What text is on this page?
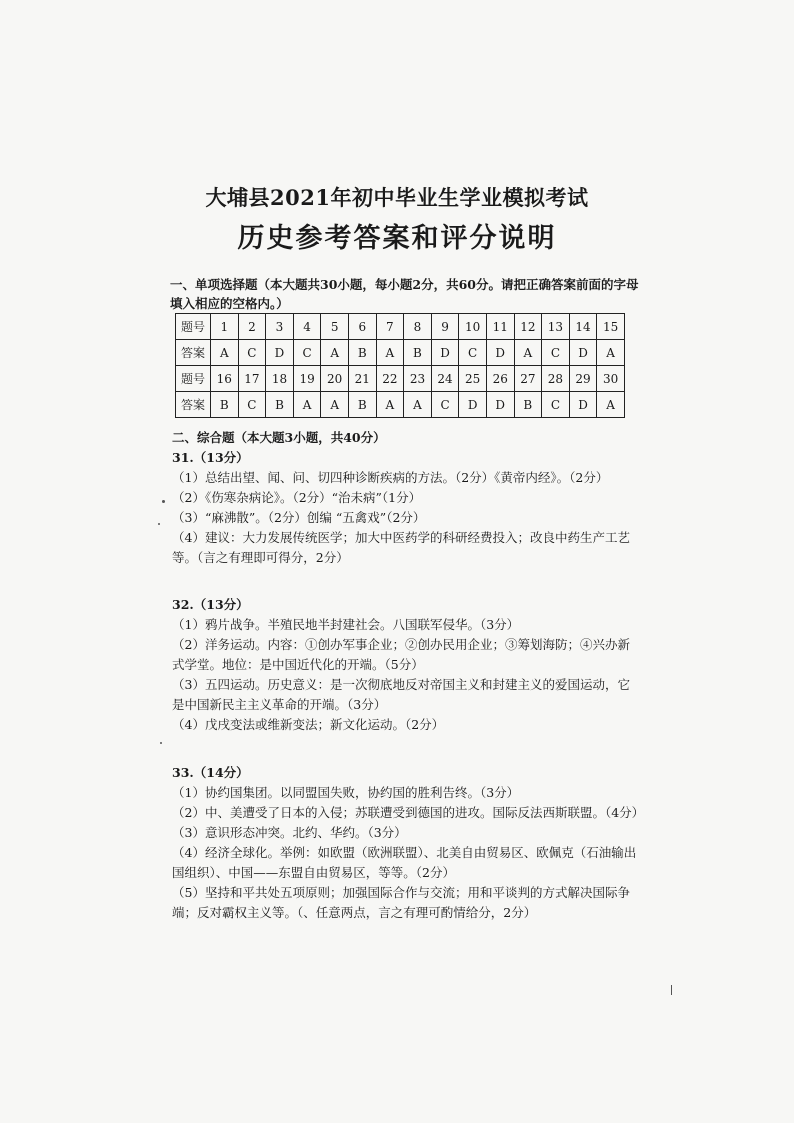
大埔县2021年初中毕业生学业模拟考试
历史参考答案和评分说明
一、单项选择题（本大题共30小题，每小题2分，共60分。请把正确答案前面的字母填入相应的空格内。）
题号	1	2	3	4	5	6	7	8	9	10	11	12	13	14	15
答案	A	C	D	C	A	B	A	B	D	C	D	A	C	D	A
题号	16	17	18	19	20	21	22	23	24	25	26	27	28	29	30
答案	B	C	B	A	A	B	A	A	C	D	D	B	C	D	A
二、综合题（本大题3小题，共40分）
31.（13分）
（1）总结出望、闻、问、切四种诊断疾病的方法。（2分）《黄帝内经》。（2分）
（2）《伤寒杂病论》。（2分）“治未病”（1分）
（3）“麻沸散”。（2分）创编 “五禽戏”（2分）
（4）建议：大力发展传统医学；加大中医药学的科研经费投入；改良中药生产工艺等。（言之有理即可得分，2分）
32.（13分）
（1）鸦片战争。半殖民地半封建社会。八国联军侵华。（3分）
（2）洋务运动。内容：①创办军事企业；②创办民用企业；③筹划海防；④兴办新式学堂。地位：是中国近代化的开端。（5分）
（3）五四运动。历史意义：是一次彻底地反对帝国主义和封建主义的爱国运动，它是中国新民主主义革命的开端。（3分）
（4）戊戌变法或维新变法；新文化运动。（2分）
33.（14分）
（1）协约国集团。以同盟国失败，协约国的胜利告终。（3分）
（2）中、美遭受了日本的入侵；苏联遭受到德国的进攻。国际反法西斯联盟。（4分）
（3）意识形态冲突。北约、华约。（3分）
（4）经济全球化。举例：如欧盟（欧洲联盟）、北美自由贸易区、欧佩克（石油输出国组织）、中国——东盟自由贸易区，等等。（2分）
（5）坚持和平共处五项原则；加强国际合作与交流；用和平谈判的方式解决国际争端；反对霸权主义等。（、任意两点，言之有理可酌情给分，2分）
